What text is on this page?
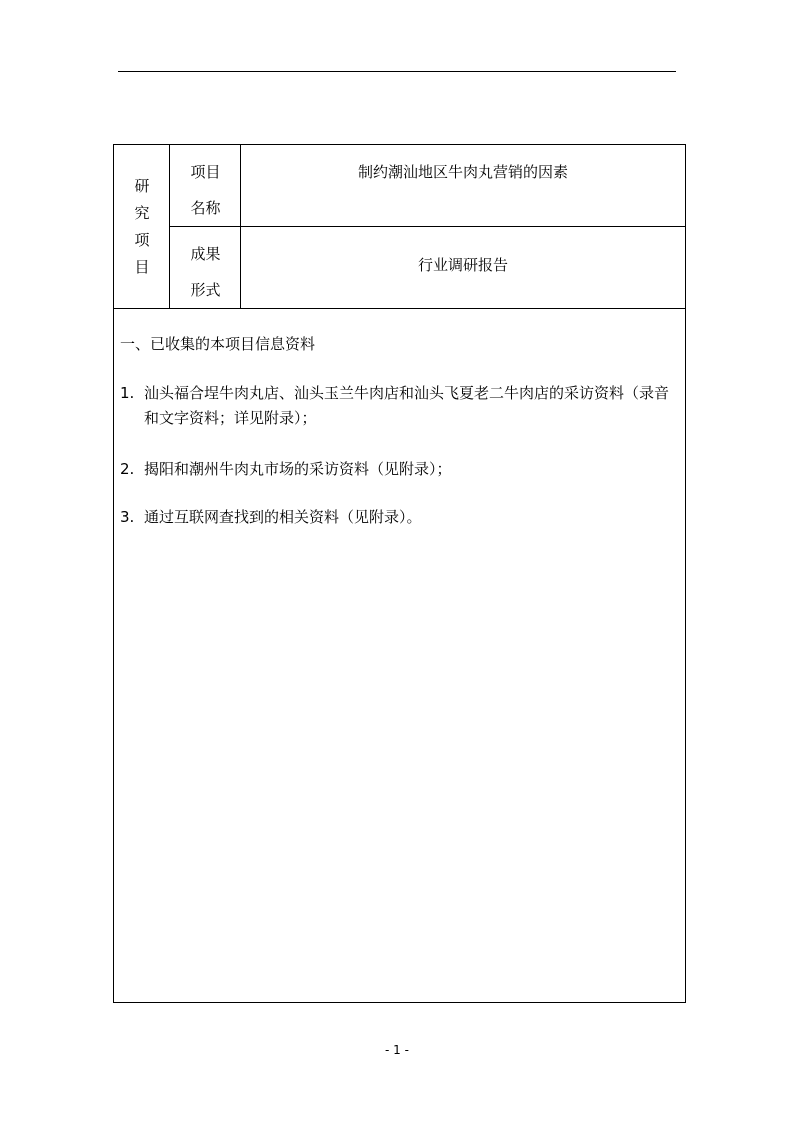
研
究
项
目
项目
名称
制约潮汕地区牛肉丸营销的因素
成果
形式
行业调研报告
一、已收集的本项目信息资料
1. 汕头福合埕牛肉丸店、汕头玉兰牛肉店和汕头飞夏老二牛肉店的采访资料（录音和文字资料；详见附录）；
2. 揭阳和潮州牛肉丸市场的采访资料（见附录）；
3. 通过互联网查找到的相关资料（见附录）。
- 1 -
